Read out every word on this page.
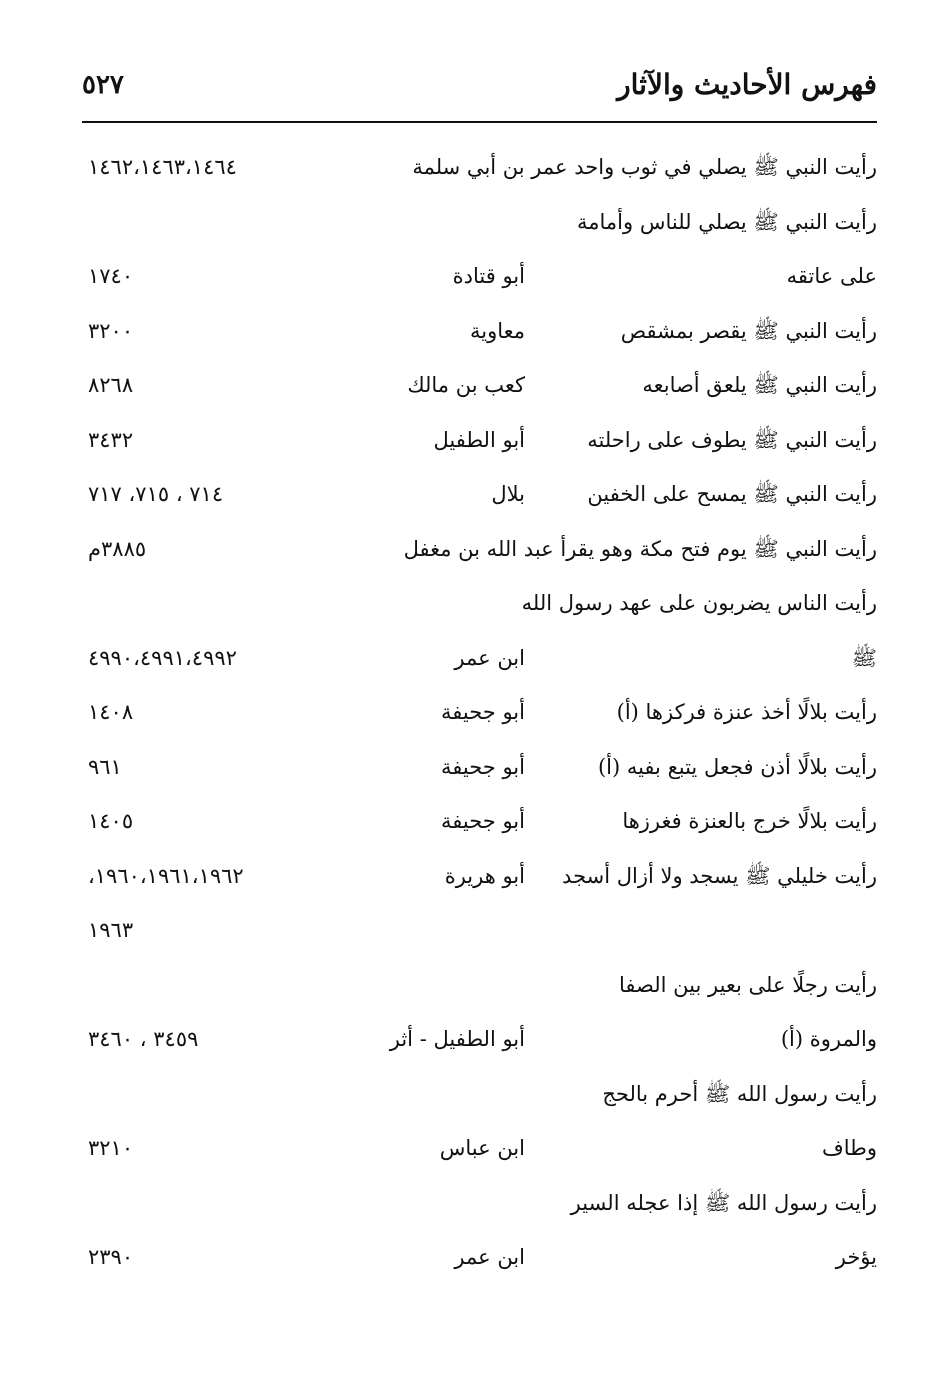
فهرس الأحاديث والآثار
٥٢٧
رأيت النبي ﷺ يصلي في ثوب واحد عمر بن أبي سلمة
١٤٦٢،١٤٦٣،١٤٦٤
رأيت النبي ﷺ يصلي للناس وأمامة
على عاتقه
أبو قتادة
١٧٤٠
رأيت النبي ﷺ يقصر بمشقص
معاوية
٣٢٠٠
رأيت النبي ﷺ يلعق أصابعه
كعب بن مالك
٨٢٦٨
رأيت النبي ﷺ يطوف على راحلته
أبو الطفيل
٣٤٣٢
رأيت النبي ﷺ يمسح على الخفين
بلال
٧١٤ ، ٧١٥، ٧١٧
رأيت النبي ﷺ يوم فتح مكة وهو يقرأ عبد الله بن مغفل
٣٨٨٥م
رأيت الناس يضربون على عهد رسول الله
ﷺ
ابن عمر
٤٩٩٠،٤٩٩١،٤٩٩٢
رأيت بلالًا أخذ عنزة فركزها (أ)
أبو جحيفة
١٤٠٨
رأيت بلالًا أذن فجعل يتبع بفيه (أ)
أبو جحيفة
٩٦١
رأيت بلالًا خرج بالعنزة فغرزها
أبو جحيفة
١٤٠٥
رأيت خليلي ﷺ يسجد ولا أزال أسجد
أبو هريرة
١٩٦٠،١٩٦١،١٩٦٢،
١٩٦٣
رأيت رجلًا على بعير بين الصفا
والمروة (أ)
أبو الطفيل - أثر
٣٤٥٩ ، ٣٤٦٠
رأيت رسول الله ﷺ أحرم بالحج
وطاف
ابن عباس
٣٢١٠
رأيت رسول الله ﷺ إذا عجله السير
يؤخر
ابن عمر
٢٣٩٠
